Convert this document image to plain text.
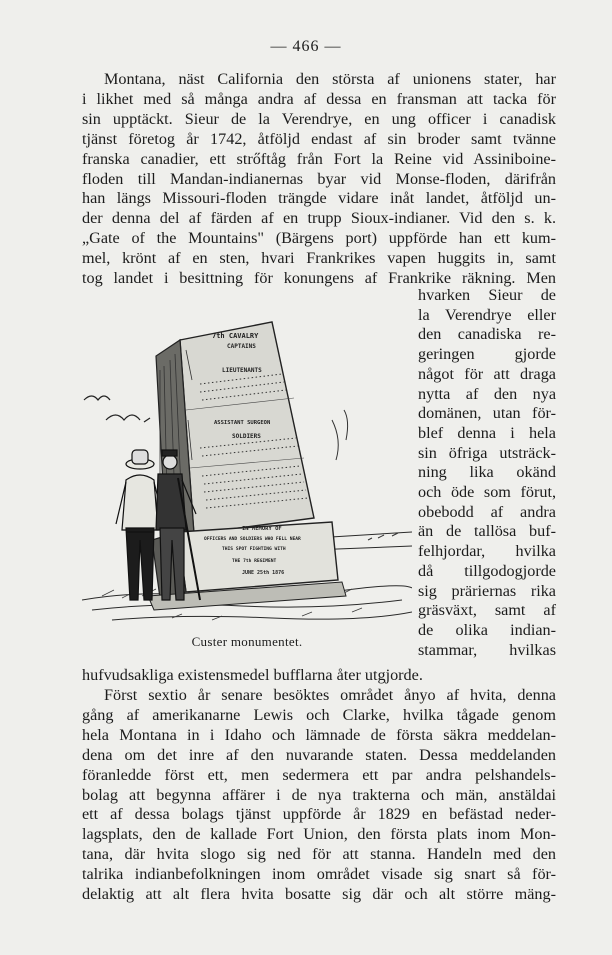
— 466 —
Montana, näst California den största af unionens stater, har
i likhet med så många andra af dessa en fransman att tacka för
sin upptäckt. Sieur de la Verendrye, en ung officer i canadisk
tjänst företog år 1742, åtföljd endast af sin broder samt tvänne
franska canadier, ett strőftåg från Fort la Reine vid Assiniboine-
floden till Mandan-indianernas byar vid Monse-floden, därifrån
han längs Missouri-floden trängde vidare inåt landet, åtföljd un-
der denna del af färden af en trupp Sioux-indianer. Vid den s. k.
„Gate of the Mountains" (Bärgens port) uppförde han ett kum-
mel, krönt af en sten, hvari Frankrikes vapen huggits in, samt
tog landet i besittning för konungens af Frankrike räkning. Men
7th CAVALRY
CAPTAINS
LIEUTENANTS
ASSISTANT SURGEON
SOLDIERS
IN MEMORY OF
OFFICERS AND SOLDIERS WHO FELL NEAR
THIS SPOT FIGHTING WITH
THE 7th REGIMENT
JUNE 25th 1876
Custer monumentet.
hvarken Sieur de
la Verendrye eller
den canadiska re-
geringen gjorde
något för att draga
nytta af den nya
domänen, utan för-
blef denna i hela
sin öfriga utsträck-
ning lika okänd
och öde som förut,
obebodd af andra
än de tallösa buf-
felhjordar, hvilka
då tillgodogjorde
sig präriernas rika
gräsväxt, samt af
de olika indian-
stammar, hvilkas
hufvudsakliga existensmedel bufflarna åter utgjorde.
Först sextio år senare besöktes området ånyo af hvita, denna
gång af amerikanarne Lewis och Clarke, hvilka tågade genom
hela Montana in i Idaho och lämnade de första säkra meddelan-
dena om det inre af den nuvarande staten. Dessa meddelanden
föranledde först ett, men sedermera ett par andra pelshandels-
bolag att begynna affärer i de nya trakterna och män, anstäldai
ett af dessa bolags tjänst uppförde år 1829 en befästad neder-
lagsplats, den de kallade Fort Union, den första plats inom Mon-
tana, där hvita slogo sig ned för att stanna. Handeln med den
talrika indianbefolkningen inom området visade sig snart så för-
delaktig att alt flera hvita bosatte sig där och alt större mäng-
